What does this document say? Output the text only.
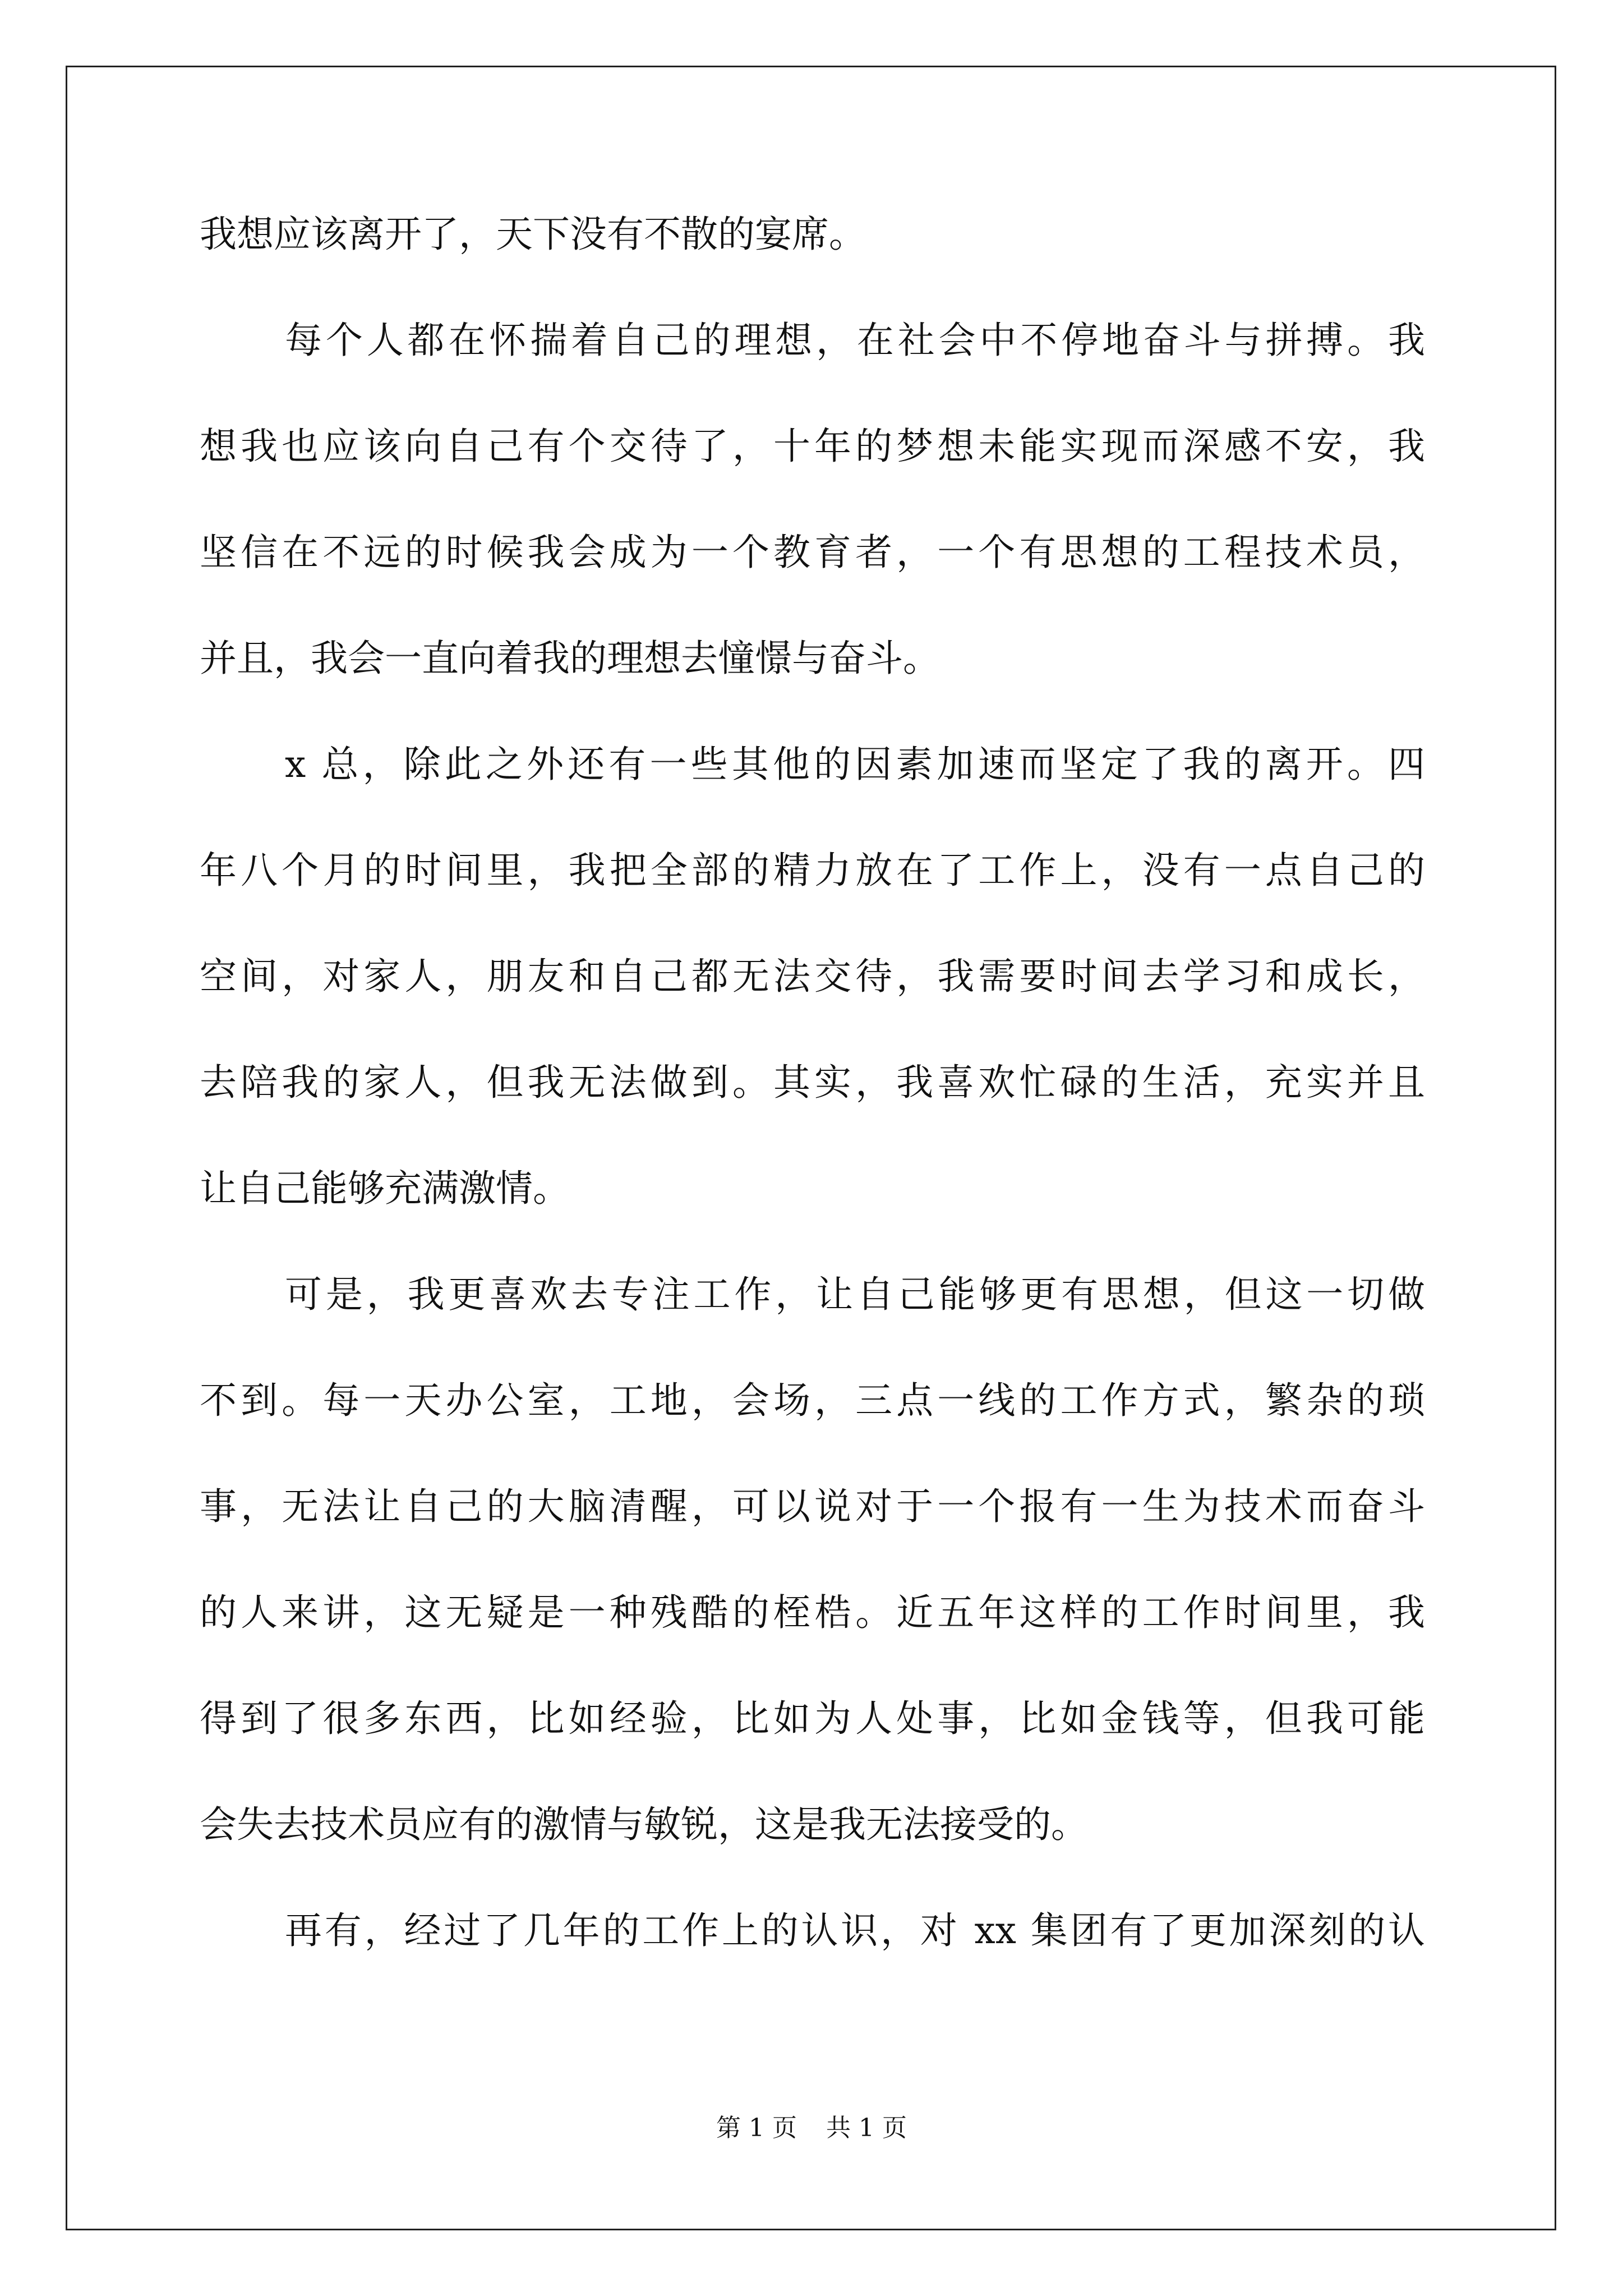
我想应该离开了，天下没有不散的宴席。
每个人都在怀揣着自己的理想，在社会中不停地奋斗与拼搏。我
想我也应该向自己有个交待了，十年的梦想未能实现而深感不安，我
坚信在不远的时候我会成为一个教育者，一个有思想的工程技术员，
并且，我会一直向着我的理想去憧憬与奋斗。
x 总，除此之外还有一些其他的因素加速而坚定了我的离开。四
年八个月的时间里，我把全部的精力放在了工作上，没有一点自己的
空间，对家人，朋友和自己都无法交待，我需要时间去学习和成长，
去陪我的家人，但我无法做到。其实，我喜欢忙碌的生活，充实并且
让自己能够充满激情。
可是，我更喜欢去专注工作，让自己能够更有思想，但这一切做
不到。每一天办公室，工地，会场，三点一线的工作方式，繁杂的琐
事，无法让自己的大脑清醒，可以说对于一个报有一生为技术而奋斗
的人来讲，这无疑是一种残酷的桎梏。近五年这样的工作时间里，我
得到了很多东西，比如经验，比如为人处事，比如金钱等，但我可能
会失去技术员应有的激情与敏锐，这是我无法接受的。
再有，经过了几年的工作上的认识，对 xx 集团有了更加深刻的认
第 1 页 共 1 页
